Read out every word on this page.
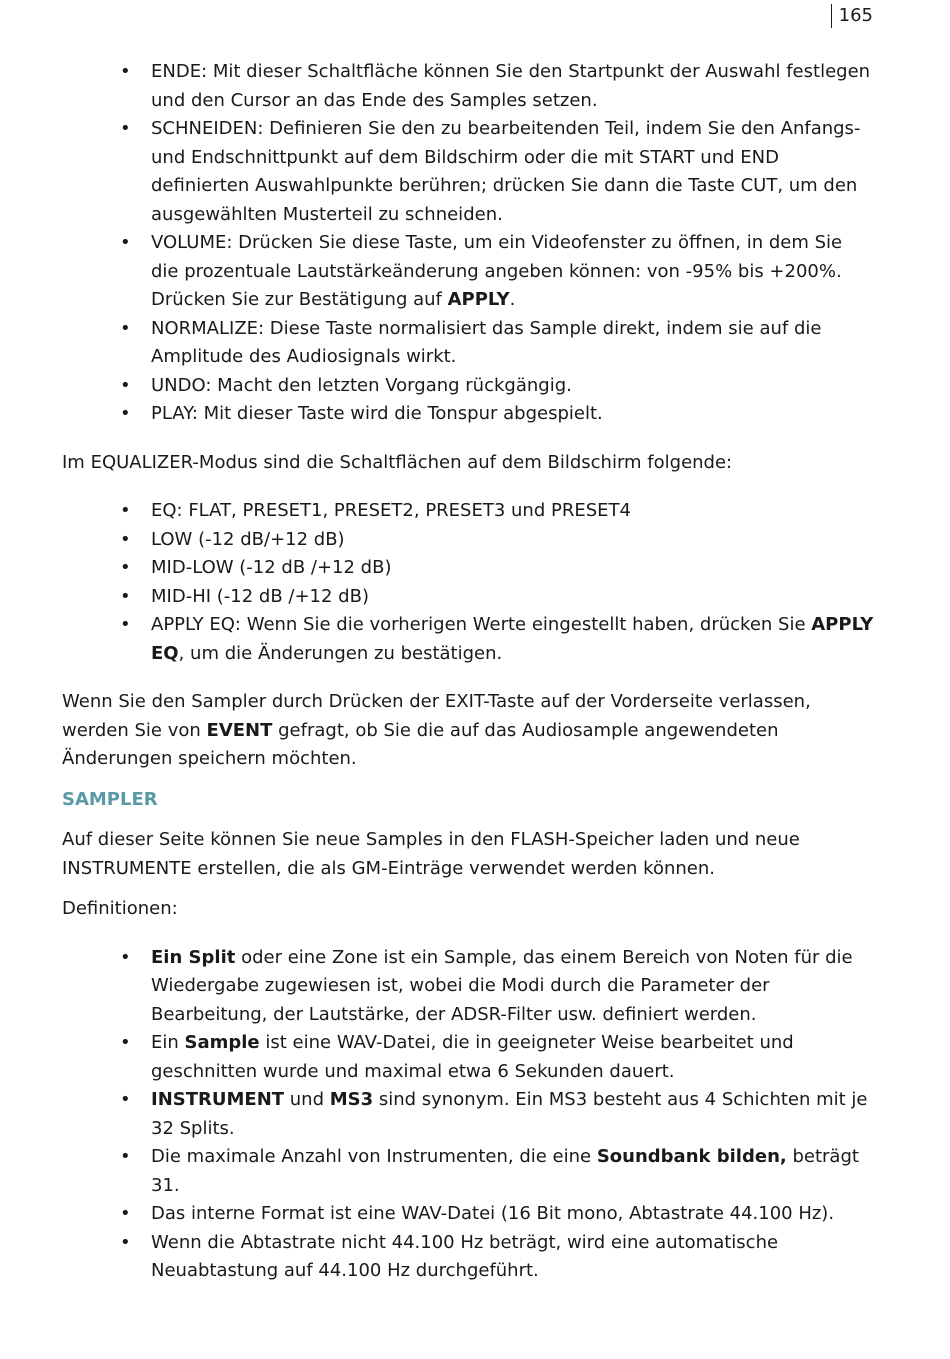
165
• ENDE: Mit dieser Schaltfläche können Sie den Startpunkt der Auswahl festlegen und den Cursor an das Ende des Samples setzen.
• SCHNEIDEN: Definieren Sie den zu bearbeitenden Teil, indem Sie den Anfangs- und Endschnittpunkt auf dem Bildschirm oder die mit START und END definierten Auswahlpunkte berühren; drücken Sie dann die Taste CUT, um den ausgewählten Musterteil zu schneiden.
• VOLUME: Drücken Sie diese Taste, um ein Videofenster zu öffnen, in dem Sie die prozentuale Lautstärkeänderung angeben können: von -95% bis +200%. Drücken Sie zur Bestätigung auf APPLY.
• NORMALIZE: Diese Taste normalisiert das Sample direkt, indem sie auf die Amplitude des Audiosignals wirkt.
• UNDO: Macht den letzten Vorgang rückgängig.
• PLAY: Mit dieser Taste wird die Tonspur abgespielt.

Im EQUALIZER-Modus sind die Schaltflächen auf dem Bildschirm folgende:

• EQ: FLAT, PRESET1, PRESET2, PRESET3 und PRESET4
• LOW (-12 dB/+12 dB)
• MID-LOW (-12 dB /+12 dB)
• MID-HI (-12 dB /+12 dB)
• APPLY EQ: Wenn Sie die vorherigen Werte eingestellt haben, drücken Sie APPLY EQ, um die Änderungen zu bestätigen.

Wenn Sie den Sampler durch Drücken der EXIT-Taste auf der Vorderseite verlassen, werden Sie von EVENT gefragt, ob Sie die auf das Audiosample angewendeten Änderungen speichern möchten.

SAMPLER

Auf dieser Seite können Sie neue Samples in den FLASH-Speicher laden und neue INSTRUMENTE erstellen, die als GM-Einträge verwendet werden können.

Definitionen:

• Ein Split oder eine Zone ist ein Sample, das einem Bereich von Noten für die Wiedergabe zugewiesen ist, wobei die Modi durch die Parameter der Bearbeitung, der Lautstärke, der ADSR-Filter usw. definiert werden.
• Ein Sample ist eine WAV-Datei, die in geeigneter Weise bearbeitet und geschnitten wurde und maximal etwa 6 Sekunden dauert.
• INSTRUMENT und MS3 sind synonym. Ein MS3 besteht aus 4 Schichten mit je 32 Splits.
• Die maximale Anzahl von Instrumenten, die eine Soundbank bilden, beträgt 31.
• Das interne Format ist eine WAV-Datei (16 Bit mono, Abtastrate 44.100 Hz).
• Wenn die Abtastrate nicht 44.100 Hz beträgt, wird eine automatische Neuabtastung auf 44.100 Hz durchgeführt.
